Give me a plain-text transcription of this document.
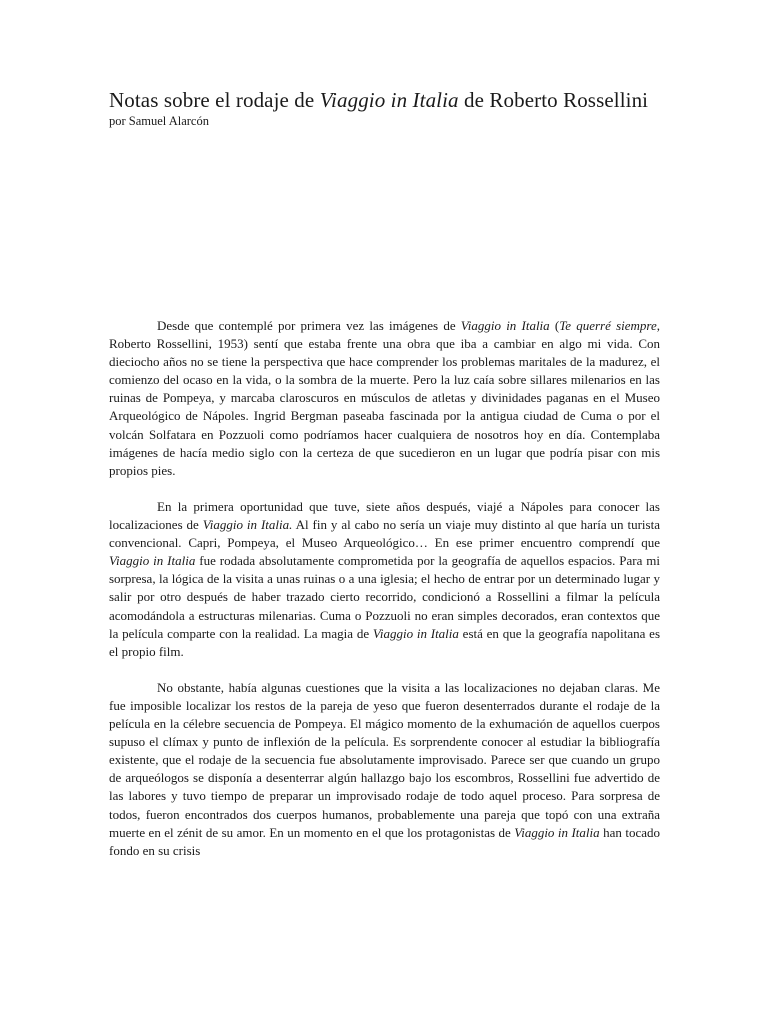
Notas sobre el rodaje de Viaggio in Italia de Roberto Rossellini

por Samuel Alarcón

Desde que contemplé por primera vez las imágenes de Viaggio in Italia (Te querré siempre, Roberto Rossellini, 1953) sentí que estaba frente una obra que iba a cambiar en algo mi vida. Con dieciocho años no se tiene la perspectiva que hace comprender los problemas maritales de la madurez, el comienzo del ocaso en la vida, o la sombra de la muerte. Pero la luz caía sobre sillares milenarios en las ruinas de Pompeya, y marcaba claroscuros en músculos de atletas y divinidades paganas en el Museo Arqueológico de Nápoles. Ingrid Bergman paseaba fascinada por la antigua ciudad de Cuma o por el volcán Solfatara en Pozzuoli como podríamos hacer cualquiera de nosotros hoy en día. Contemplaba imágenes de hacía medio siglo con la certeza de que sucedieron en un lugar que podría pisar con mis propios pies.

En la primera oportunidad que tuve, siete años después, viajé a Nápoles para conocer las localizaciones de Viaggio in Italia. Al fin y al cabo no sería un viaje muy distinto al que haría un turista convencional. Capri, Pompeya, el Museo Arqueológico… En ese primer encuentro comprendí que Viaggio in Italia fue rodada absolutamente comprometida por la geografía de aquellos espacios. Para mi sorpresa, la lógica de la visita a unas ruinas o a una iglesia; el hecho de entrar por un determinado lugar y salir por otro después de haber trazado cierto recorrido, condicionó a Rossellini a filmar la película acomodándola a estructuras milenarias. Cuma o Pozzuoli no eran simples decorados, eran contextos que la película comparte con la realidad. La magia de Viaggio in Italia está en que la geografía napolitana es el propio film.

No obstante, había algunas cuestiones que la visita a las localizaciones no dejaban claras. Me fue imposible localizar los restos de la pareja de yeso que fueron desenterrados durante el rodaje de la película en la célebre secuencia de Pompeya. El mágico momento de la exhumación de aquellos cuerpos supuso el clímax y punto de inflexión de la película. Es sorprendente conocer al estudiar la bibliografía existente, que el rodaje de la secuencia fue absolutamente improvisado. Parece ser que cuando un grupo de arqueólogos se disponía a desenterrar algún hallazgo bajo los escombros, Rossellini fue advertido de las labores y tuvo tiempo de preparar un improvisado rodaje de todo aquel proceso. Para sorpresa de todos, fueron encontrados dos cuerpos humanos, probablemente una pareja que topó con una extraña muerte en el zénit de su amor. En un momento en el que los protagonistas de Viaggio in Italia han tocado fondo en su crisis
